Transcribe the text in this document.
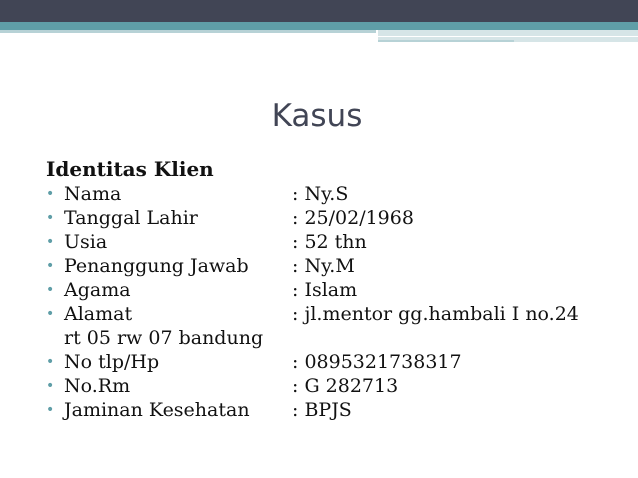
Kasus
Identitas Klien
• Nama	: Ny.S
• Tanggal Lahir	: 25/02/1968
• Usia	: 52 thn
• Penanggung Jawab : Ny.M
• Agama	: Islam
• Alamat	: jl.mentor gg.hambali I no.24
rt 05 rw 07 bandung
• No tlp/Hp	: 0895321738317
• No.Rm	: G 282713
• Jaminan Kesehatan : BPJS
